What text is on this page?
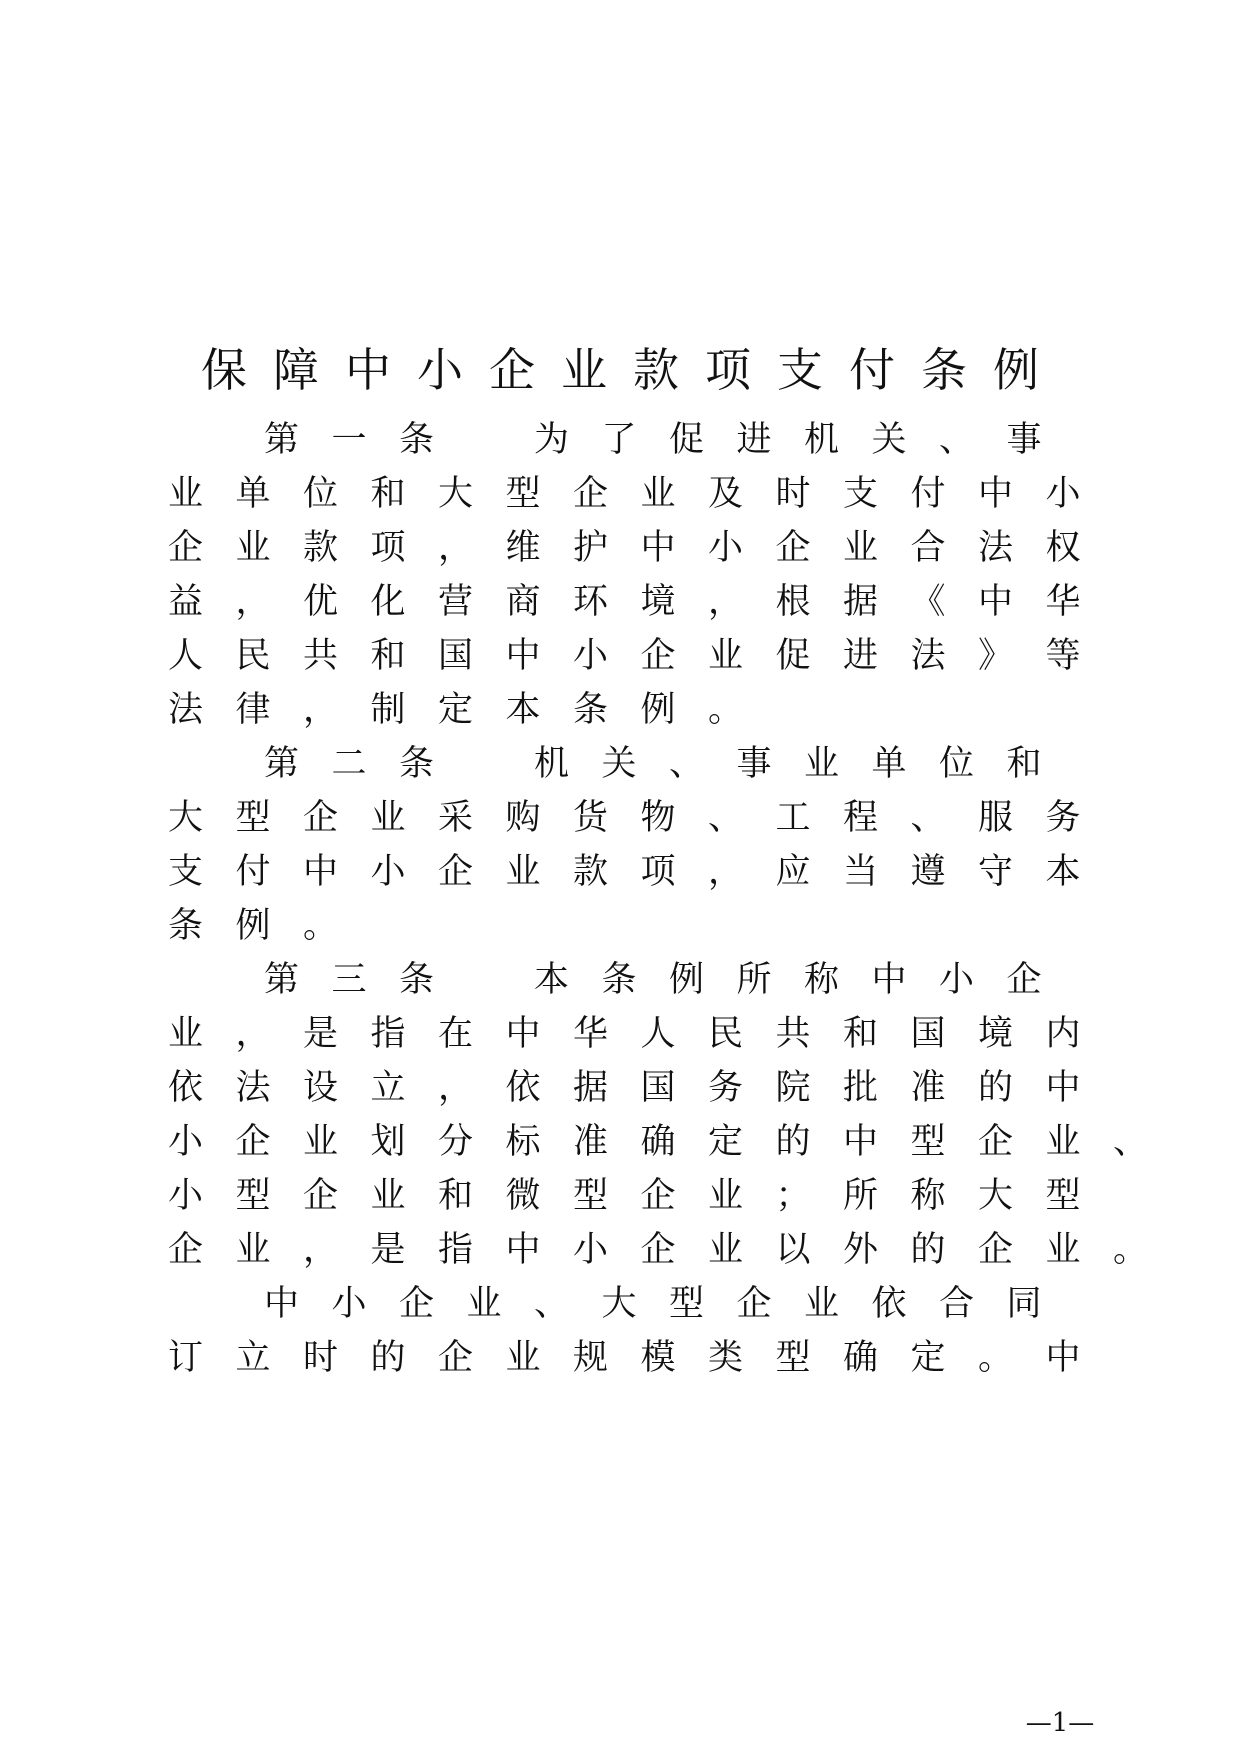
保障中小企业款项支付条例
第一条　为了促进机关、事
业单位和大型企业及时支付中小
企业款项，维护中小企业合法权
益，优化营商环境，根据《中华
人民共和国中小企业促进法》等
法律，制定本条例。
第二条　机关、事业单位和
大型企业采购货物、工程、服务
支付中小企业款项，应当遵守本
条例。
第三条　本条例所称中小企
业，是指在中华人民共和国境内
依法设立，依据国务院批准的中
小企业划分标准确定的中型企业、
小型企业和微型企业；所称大型
企业，是指中小企业以外的企业。
中小企业、大型企业依合同
订立时的企业规模类型确定。中
—1—
